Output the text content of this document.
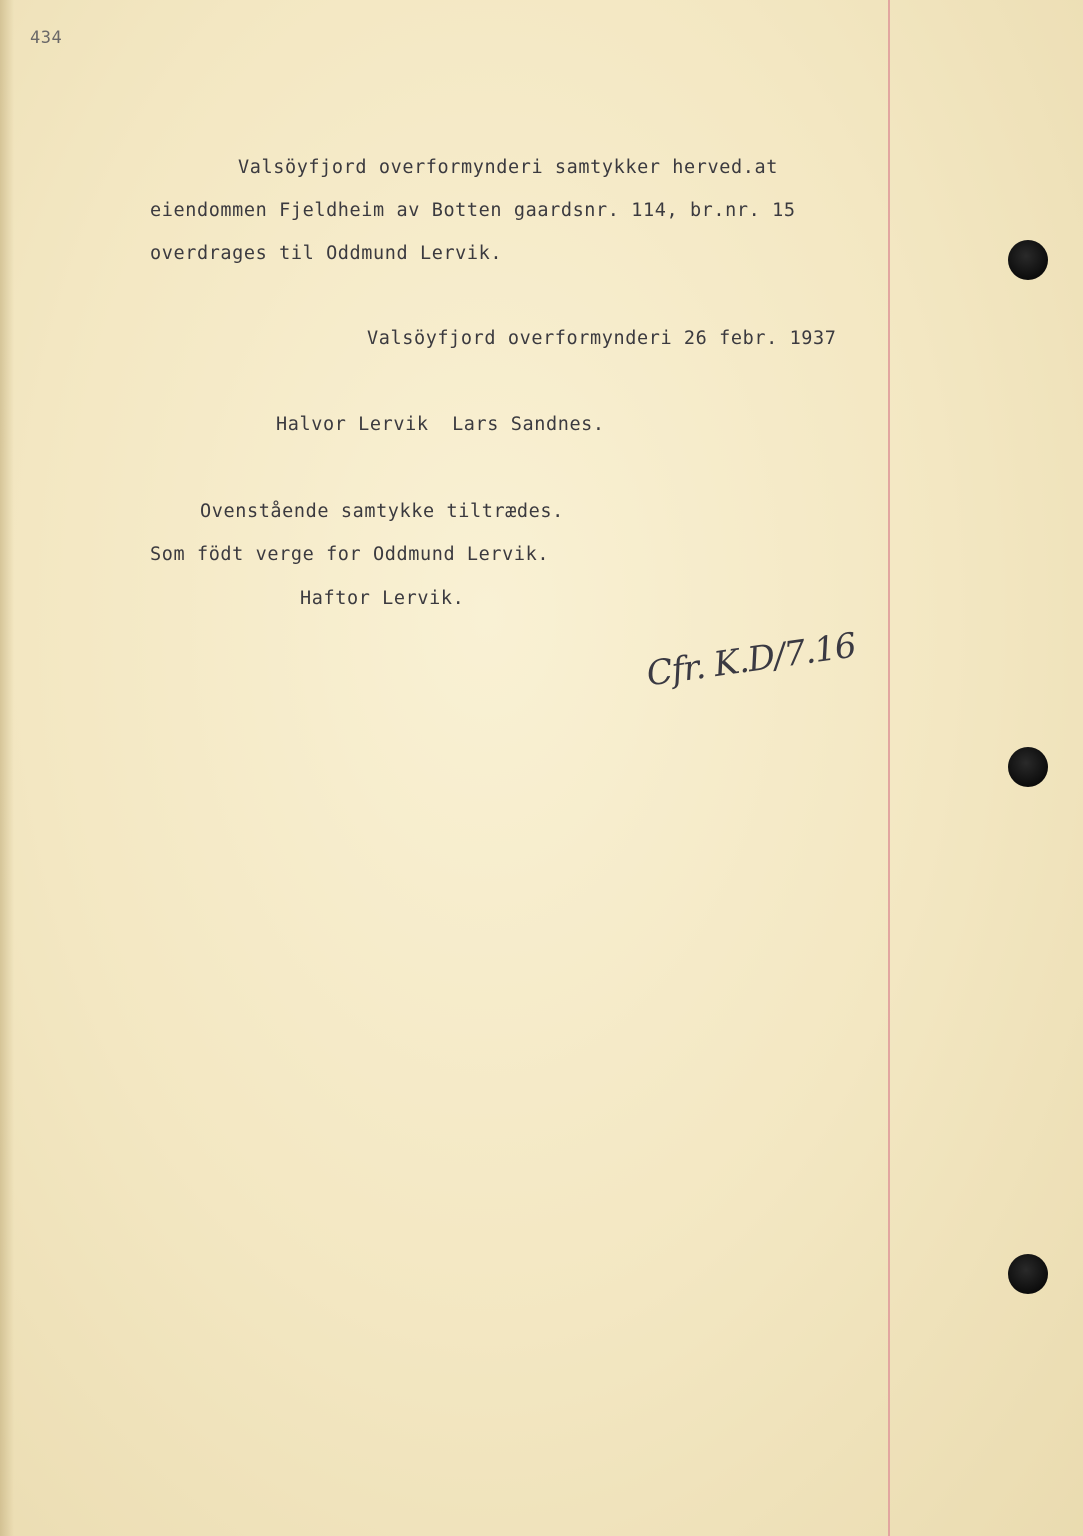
434
Valsöyfjord overformynderi samtykker herved.at
eiendommen Fjeldheim av Botten gaardsnr. 114, br.nr. 15
overdrages til Oddmund Lervik.
Valsöyfjord overformynderi 26 febr. 1937
Halvor Lervik  Lars Sandnes.
Ovenstående samtykke tiltrædes.
Som födt verge for Oddmund Lervik.
Haftor Lervik.
Cfr. K.D/7.16
